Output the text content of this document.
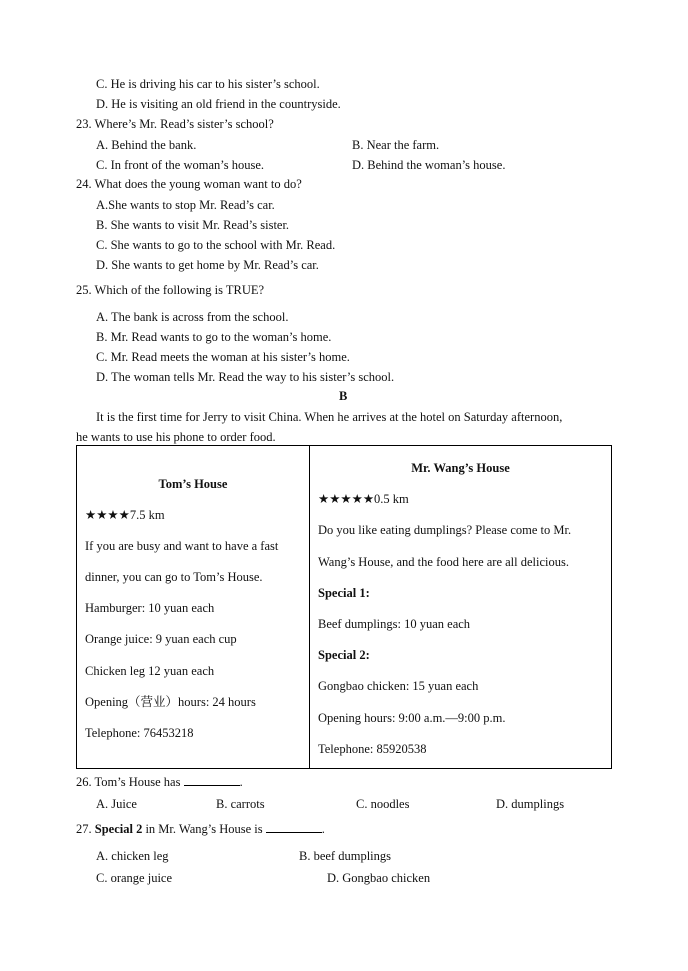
C. He is driving his car to his sister’s school.
D. He is visiting an old friend in the countryside.
23. Where’s Mr. Read’s sister’s school?
A. Behind the bank.	B. Near the farm.
C. In front of the woman’s house.	D. Behind the woman’s house.
24. What does the young woman want to do?
A.She wants to stop Mr. Read’s car.
B. She wants to visit Mr. Read’s sister.
C. She wants to go to the school with Mr. Read.
D. She wants to get home by Mr. Read’s car.
25. Which of the following is TRUE?
A. The bank is across from the school.
B. Mr. Read wants to go to the woman’s home.
C. Mr. Read meets the woman at his sister’s home.
D. The woman tells Mr. Read the way to his sister’s school.
B
It is the first time for Jerry to visit China. When he arrives at the hotel on Saturday afternoon,
he wants to use his phone to order food.
Tom’s House
★★★★7.5 km
If you are busy and want to have a fast
dinner, you can go to Tom’s House.
Hamburger: 10 yuan each
Orange juice: 9 yuan each cup
Chicken leg 12 yuan each
Opening（营业）hours: 24 hours
Telephone: 76453218

Mr. Wang’s House
★★★★★0.5 km
Do you like eating dumplings? Please come to Mr.
Wang’s House, and the food here are all delicious.
Special 1:
Beef dumplings: 10 yuan each
Special 2:
Gongbao chicken: 15 yuan each
Opening hours: 9:00 a.m.—9:00 p.m.
Telephone: 85920538
26. Tom’s House has	.
A. Juice	B. carrots	C. noodles	D. dumplings
27. Special 2 in Mr. Wang’s House is	.
A. chicken leg	B. beef dumplings
C. orange juice	D. Gongbao chicken
